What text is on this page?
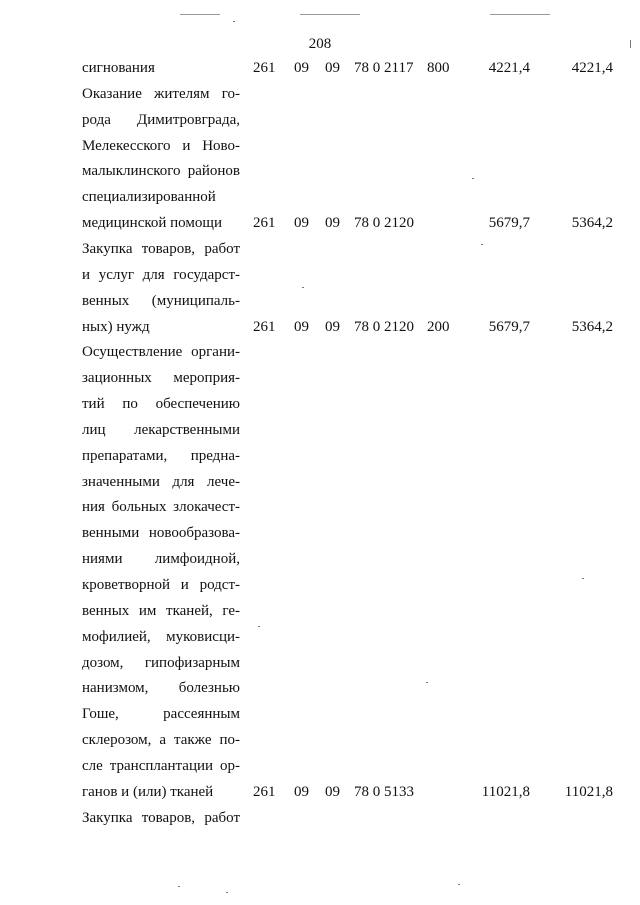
208
сигнования	261 09 09 78 0 2117 800	4221,4	4221,4
Оказание жителям го-
рода Димитровграда,
Мелекесского и Ново-
малыклинского районов
специализированной
медицинской помощи	261 09 09 78 0 2120	5679,7	5364,2
Закупка товаров, работ
и услуг для государст-
венных (муниципаль-
ных) нужд	261 09 09 78 0 2120 200	5679,7	5364,2
Осуществление органи-
зационных мероприя-
тий по обеспечению
лиц лекарственными
препаратами, предна-
значенными для лече-
ния больных злокачест-
венными новообразова-
ниями лимфоидной,
кроветворной и родст-
венных им тканей, ге-
мофилией, муковисци-
дозом, гипофизарным
нанизмом, болезнью
Гоше, рассеянным
склерозом, а также по-
сле трансплантации ор-
ганов и (или) тканей	261 09 09 78 0 5133	11021,8 11021,8
Закупка товаров, работ
